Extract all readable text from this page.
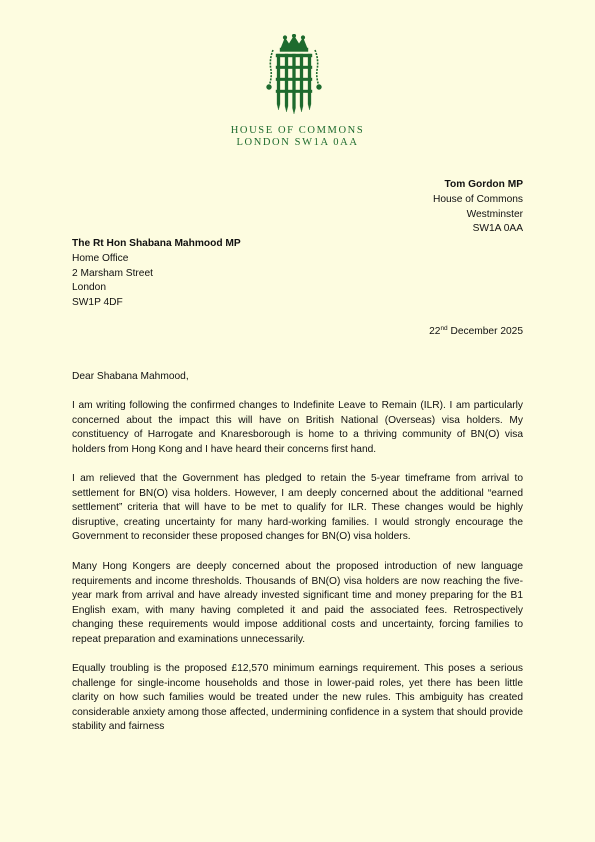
HOUSE OF COMMONS
LONDON SW1A 0AA
Tom Gordon MP
House of Commons
Westminster
SW1A 0AA
The Rt Hon Shabana Mahmood MP
Home Office
2 Marsham Street
London
SW1P 4DF
22nd December 2025
Dear Shabana Mahmood,

I am writing following the confirmed changes to Indefinite Leave to Remain (ILR). I am particularly concerned about the impact this will have on British National (Overseas) visa holders. My constituency of Harrogate and Knaresborough is home to a thriving community of BN(O) visa holders from Hong Kong and I have heard their concerns first hand.

I am relieved that the Government has pledged to retain the 5-year timeframe from arrival to settlement for BN(O) visa holders. However, I am deeply concerned about the additional “earned settlement” criteria that will have to be met to qualify for ILR. These changes would be highly disruptive, creating uncertainty for many hard-working families. I would strongly encourage the Government to reconsider these proposed changes for BN(O) visa holders.

Many Hong Kongers are deeply concerned about the proposed introduction of new language requirements and income thresholds. Thousands of BN(O) visa holders are now reaching the five-year mark from arrival and have already invested significant time and money preparing for the B1 English exam, with many having completed it and paid the associated fees. Retrospectively changing these requirements would impose additional costs and uncertainty, forcing families to repeat preparation and examinations unnecessarily.

Equally troubling is the proposed £12,570 minimum earnings requirement. This poses a serious challenge for single-income households and those in lower-paid roles, yet there has been little clarity on how such families would be treated under the new rules. This ambiguity has created considerable anxiety among those affected, undermining confidence in a system that should provide stability and fairness
